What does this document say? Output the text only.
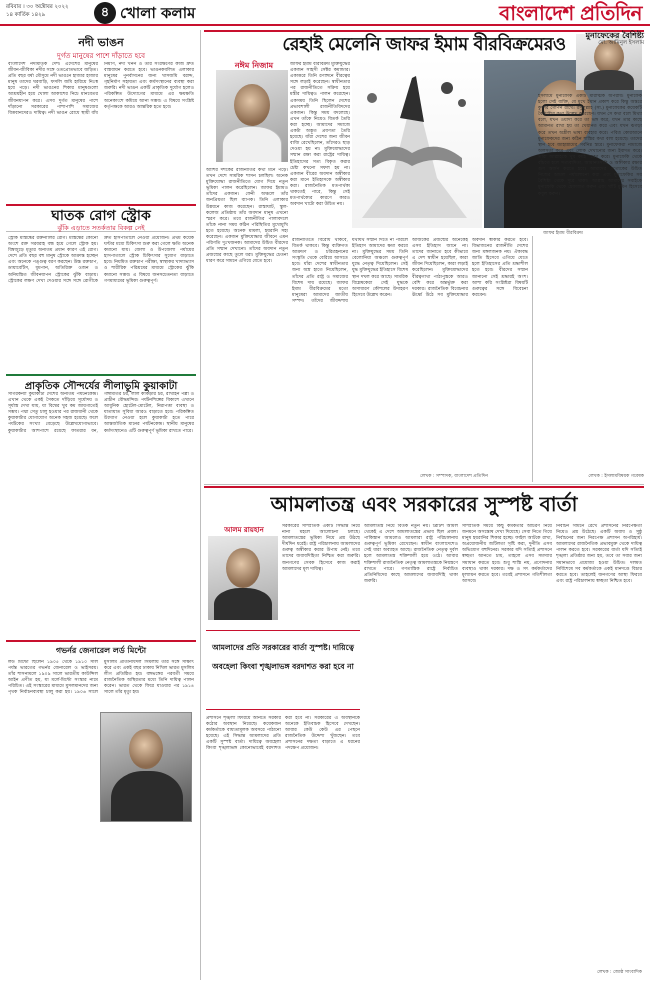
রবিবার । ৩০ অক্টোবর ২০২২
১৪ কার্তিক ১৪২৯	৪ খোলা কলাম	বাংলাদেশ প্রতিদিন
নদী ভাঙন
দুর্গত মানুষের পাশে দাঁড়াতে হবে
বাংলাদেশ নদীমাতৃক দেশ। এদেশের মানুষের জীবন-জীবিকা নদীর সঙ্গে ওতপ্রোতভাবে জড়িত। প্রতি বছর বর্ষা মৌসুমে নদী ভাঙনে হাজার হাজার মানুষ তাদের ঘরবাড়ি, ফসলি জমি হারিয়ে নিঃস্ব হয়ে পড়ে। নদী ভাঙনের শিকার মানুষগুলো আশ্রয়হীন হয়ে খোলা আকাশের নিচে মানবেতর জীবনযাপন করে। এসব দুর্গত মানুষের পাশে দাঁড়ানো সরকারের পাশাপাশি সমাজের বিত্তবানদেরও দায়িত্ব। নদী ভাঙন রোধে স্থায়ী বাঁধ নির্মাণ, নদী খনন ও তীর সংরক্ষণের কাজ দ্রুত বাস্তবায়ন করতে হবে। ভাঙনকবলিত এলাকার মানুষের পুনর্বাসনের জন্য খাসজমি বরাদ্দ, গৃহনির্মাণ সহায়তা এবং কর্মসংস্থানের ব্যবস্থা করা জরুরি। নদী ভাঙন একটি প্রাকৃতিক দুর্যোগ হলেও পরিকল্পিত উদ্যোগের মাধ্যমে এর ক্ষয়ক্ষতি অনেকাংশে কমিয়ে আনা সম্ভব। এ বিষয়ে সংশ্লিষ্ট কর্তৃপক্ষকে আরও আন্তরিক হতে হবে।
ঘাতক রোগ স্ট্রোক
ঝুঁকি এড়াতে সতর্কতার বিকল্প নেই
স্ট্রোক মস্তিষ্কের রক্তনালির রোগ। মস্তিষ্কের কোনো অংশে রক্ত সরবরাহ বন্ধ হয়ে গেলে স্ট্রোক হয়। বিশ্বজুড়ে মৃত্যুর অন্যতম প্রধান কারণ এই রোগ। দেশে প্রতি বছর বহু মানুষ স্ট্রোকে আক্রান্ত হচ্ছেন এবং অনেকে পঙ্গুত্ব বরণ করছেন। উচ্চ রক্তচাপ, ডায়াবেটিস, ধূমপান, অতিরিক্ত ওজন ও অনিয়ন্ত্রিত জীবনযাপন স্ট্রোকের ঝুঁকি বাড়ায়। স্ট্রোকের লক্ষণ দেখা দেওয়ার সঙ্গে সঙ্গে রোগীকে দ্রুত হাসপাতালে নেওয়া প্রয়োজন। প্রথম কয়েক ঘণ্টার মধ্যে চিকিৎসা শুরু করা গেলে ক্ষতি অনেক কমানো যায়। জেলা ও উপজেলা পর্যায়ের হাসপাতালে স্ট্রোক চিকিৎসার সুযোগ বাড়াতে হবে। নিয়মিত রক্তচাপ পরীক্ষা, স্বাস্থ্যকর খাদ্যাভ্যাস ও শারীরিক পরিশ্রমের মাধ্যমে স্ট্রোকের ঝুঁকি কমানো সম্ভব। এ বিষয়ে জনসচেতনতা বাড়াতে গণমাধ্যমের ভূমিকা গুরুত্বপূর্ণ।
প্রাকৃতিক সৌন্দর্যের লীলাভূমি কুয়াকাটা
সাগরকন্যা কুয়াকাটা দেশের অন্যতম পর্যটনকেন্দ্র। এখান থেকে একই সৈকতে দাঁড়িয়ে সূর্যোদয় ও সূর্যাস্ত দেখা যায়, যা বিশ্বের খুব কম জায়গাতেই সম্ভব। পদ্মা সেতু চালু হওয়ার পর রাজধানী থেকে কুয়াকাটার যোগাযোগ অনেক সহজ হয়েছে। ফলে পর্যটকের সংখ্যা বেড়েছে উল্লেখযোগ্যভাবে। কুয়াকাটার আশপাশে রয়েছে ফাতরার বন, গঙ্গামতির চর, লাল কাঁকড়ার চর, রাখাইন পল্লী ও প্রাচীন বৌদ্ধমন্দির। পর্যটনশিল্পের বিকাশে এখানে আধুনিক হোটেল-মোটেল, নিরাপত্তা ব্যবস্থা ও যাতায়াত সুবিধা আরও বাড়াতে হবে। পরিকল্পিত উদ্যোগ নেওয়া হলে কুয়াকাটা হতে পারে আন্তর্জাতিক মানের পর্যটনকেন্দ্র। স্থানীয় মানুষের কর্মসংস্থানেও এটি গুরুত্বপূর্ণ ভূমিকা রাখতে পারে।
গভর্নর জেনারেল লর্ড মিন্টো
লর্ড মিন্টো ছিলেন ১৯০৫ থেকে ১৯১০ সাল পর্যন্ত ভারতের গভর্নর জেনারেল ও ভাইসরয়। তাঁর শাসনামলে ১৯০৯ সালে ভারতীয় কাউন্সিল আইন প্রণীত হয়, যা মর্লে-মিন্টো সংস্কার নামে পরিচিত। এই সংস্কারের মাধ্যমে মুসলমানদের জন্য পৃথক নির্বাচনব্যবস্থা চালু করা হয়। ১৯০৬ সালে মুসলিম প্রতিনিধিদল সিমলায় তাঁর সঙ্গে সাক্ষাৎ করে এবং একই বছর ঢাকায় নিখিল ভারত মুসলিম লীগ প্রতিষ্ঠিত হয়। বঙ্গভঙ্গের পরবর্তী সময়ে রাজনৈতিক অস্থিরতার মধ্যে তিনি দায়িত্ব পালন করেন। ভারত থেকে ফিরে যাওয়ার পর ১৯১৪ সালে তাঁর মৃত্যু হয়।
রেহাই মেলেনি জাফর ইমাম বীরবিক্রমেরও
নঈম নিজাম	জাফর ইমাম বীরবিক্রম মুক্তিযুদ্ধের একজন সাহসী সেক্টর কমান্ডার। একাত্তরে তিনি রণাঙ্গনে বীরত্বের সঙ্গে লড়াই করেছেন। স্বাধীনতার পর রাজনীতিতে সক্রিয় হয়ে মন্ত্রীর দায়িত্বও পালন করেছেন। একসময় তিনি ছিলেন দেশের প্রভাবশালী রাজনীতিবিদদের একজন। কিন্তু সময় বদলেছে। এখন তাঁকে নিয়েও বিতর্ক তৈরি করা হচ্ছে। আমাদের সমাজে একটা অদ্ভুত প্রবণতা তৈরি হয়েছে। যাঁরা দেশের জন্য জীবন বাজি রেখেছিলেন, তাঁদেরও ছাড় দেওয়া হয় না। মুক্তিযোদ্ধাদের সম্মান রক্ষা করা রাষ্ট্রের দায়িত্ব। ইতিহাসের সত্য বিকৃত করার চেষ্টা কখনো সফল হয় না। একজন বীরের অবদান অস্বীকার করা মানে ইতিহাসকে অস্বীকার করা। রাজনৈতিক মতপার্থক্য থাকতেই পারে, কিন্তু সেই মতপার্থক্যের কারণে কারও অবদান খাটো করা উচিত নয়।
আশির দশকের রাজনীতির কথা মনে পড়ে। তখন দেশে সামরিক শাসন চলছিল। অনেক মুক্তিযোদ্ধা রাজনীতিতে যোগ দিয়ে নতুন ভূমিকা পালন করেছিলেন। জাফর ইমামও তাঁদের একজন। ফেনী অঞ্চলে তাঁর জনপ্রিয়তা ছিল ব্যাপক। তিনি এলাকার উন্নয়নে কাজ করেছেন। রাস্তাঘাট, স্কুল-কলেজ প্রতিষ্ঠায় তাঁর অবদান মানুষ এখনো স্মরণ করে। তবে রাজনীতির পালাবদলে তাঁকে নানা সময় কঠিন পরিস্থিতির মুখোমুখি হতে হয়েছে। অনেক মামলা, হয়রানি সহ্য করেছেন। একজন মুক্তিযোদ্ধার জীবনে এমন পরিণতি দুঃখজনক। আমাদের উচিত বীরদের প্রতি সম্মান দেখানো। তাঁদের অবদান নতুন প্রজন্মের কাছে তুলে ধরা। মুক্তিযুদ্ধের চেতনা ধারণ করে সামনে এগিয়ে যেতে হবে।
জাফর ইমাম বীরবিক্রম
রাজনীতিতে বিরোধ থাকবে, বিতর্ক থাকবে। কিন্তু ব্যক্তিগত আক্রমণ ও চরিত্রহননের সংস্কৃতি থেকে বেরিয়ে আসতে হবে। যাঁরা দেশের স্বাধীনতার জন্য অস্ত্র হাতে নিয়েছিলেন, তাঁদের প্রতি রাষ্ট্র ও সমাজের বিশেষ দায় রয়েছে। জাফর ইমাম বীরবিক্রমের মতো মানুষেরা আমাদের জাতীয় সম্পদ। তাঁদের জীবদ্দশায় যথাযথ সম্মান দিতে না পারলে ইতিহাস আমাদের ক্ষমা করবে না। মুক্তিযুদ্ধের সময় তিনি বেলোনিয়া অঞ্চলে গুরুত্বপূর্ণ যুদ্ধে নেতৃত্ব দিয়েছিলেন। সেই যুদ্ধ মুক্তিযুদ্ধের ইতিহাসে বিশেষ স্থান দখল করে আছে। সামরিক বিশ্লেষকেরা সেই যুদ্ধকে অসাধারণ কৌশলের উদাহরণ হিসেবে উল্লেখ করেন।
আজকের প্রজন্মের অনেকেই এসব ইতিহাস জানে না। তাদের জানাতে হবে কীভাবে এ দেশ স্বাধীন হয়েছিল, কারা জীবন দিয়েছিলেন, কারা লড়াই করেছিলেন। মুক্তিযোদ্ধাদের বীরত্বগাথা পাঠ্যপুস্তকে আরও বেশি করে অন্তর্ভুক্ত করা দরকার। রাজনৈতিক বিবেচনার ঊর্ধ্বে উঠে সব মুক্তিযোদ্ধার অবদান স্বীকার করতে হবে। বিভাজনের রাজনীতি দেশের জন্য মঙ্গলজনক নয়। ঐক্যবদ্ধ জাতি হিসেবে এগিয়ে যেতে হলে ইতিহাসের প্রতি শ্রদ্ধাশীল হতে হবে। বীরদের সম্মান জানানো সেই শ্রদ্ধারই অংশ। আশা করি সংশ্লিষ্টরা বিষয়টি গুরুত্বের সঙ্গে বিবেচনা করবেন।
লেখক : সম্পাদক, বাংলাদেশ প্রতিদিন
মুনাফেকের বৈশিষ্ট্য
মো. আমিনুল ইসলাম
ইসলামে মুনাফেকি একটি মারাত্মক অপরাধ। মুনাফেক হলো সেই ব্যক্তি, যে মুখে ইমান প্রকাশ করে কিন্তু অন্তরে কুফরি গোপন রাখে। রসুলুল্লাহ (সা.) মুনাফেকের কয়েকটি বৈশিষ্ট্যের কথা উল্লেখ করেছেন। যখন সে কথা বলে মিথ্যা বলে, যখন ওয়াদা করে তা ভঙ্গ করে, যখন তার কাছে আমানত রাখা হয় তা খেয়ানত করে এবং যখন ঝগড়া করে তখন অশ্লীল ভাষা ব্যবহার করে। পবিত্র কোরআনে মুনাফেকদের জন্য কঠিন শাস্তির কথা বলা হয়েছে। তাদের স্থান হবে জাহান্নামের সর্বনিম্ন স্তরে। মুনাফেকরা নামাজে অলসতা করে এবং লোক দেখানোর জন্য ইবাদত করে। তারা আল্লাহকে খুব কমই স্মরণ করে। মুনাফেকি থেকে বাঁচতে হলে সত্যবাদিতা, আমানতদারি ও অঙ্গীকার রক্ষার গুণ অর্জন করতে হবে। আমাদের প্রত্যেকের উচিত নিজের আমল পর্যালোচনা করা এবং মুনাফেকির সব বৈশিষ্ট্য থেকে দূরে থাকা। আল্লাহ আমাদের সবাইকে মুনাফেকি থেকে হেফাজত করুন এবং খাঁটি মুমিন হিসেবে কবুল করুন।
লেখক : ইসলামবিষয়ক গবেষক
আমলাতন্ত্র এবং সরকারের সুস্পষ্ট বার্তা
আলম রায়হান	সরকারের সাম্প্রতিক একটি সিদ্ধান্ত নিয়ে নানা মহলে আলোচনা চলছে। আমলাতন্ত্রের ভূমিকা নিয়ে প্রশ্ন উঠছে দীর্ঘদিন ধরেই। রাষ্ট্র পরিচালনায় আমলাদের গুরুত্ব অস্বীকার করার উপায় নেই। তবে তাদের জবাবদিহিতা নিশ্চিত করা জরুরি। জনগণের সেবক হিসেবে কাজ করাই আমলাদের মূল দায়িত্ব।
আমলাদের প্রতি সরকারের বার্তা সুস্পষ্ট। দায়িত্বে অবহেলা কিংবা শৃঙ্খলাভঙ্গ বরদাশত করা হবে না
প্রশাসনে শৃঙ্খলা ফিরিয়ে আনতে সরকার কঠোর অবস্থান নিয়েছে। কয়েকজন কর্মকর্তাকে বাধ্যতামূলক অবসরে পাঠানো হয়েছে। এই সিদ্ধান্ত আমলাদের প্রতি একটি সুস্পষ্ট বার্তা। দায়িত্বে অবহেলা কিংবা শৃঙ্খলাভঙ্গ কোনোভাবেই বরদাশত করা হবে না। সরকারের এ অবস্থানকে অনেকে ইতিবাচক হিসেবে দেখছেন। আবার কেউ কেউ এর পেছনে রাজনৈতিক উদ্দেশ্য খুঁজছেন। তবে প্রশাসনের দক্ষতা বাড়াতে এ ধরনের পদক্ষেপ প্রয়োজন।
আমলাতন্ত্র নিয়ে বিতর্ক নতুন নয়। ব্রিটিশ আমল থেকেই এ দেশে আমলাতন্ত্রের প্রভাব ছিল প্রবল। পাকিস্তান আমলেও আমলারা রাষ্ট্র পরিচালনায় গুরুত্বপূর্ণ ভূমিকা রেখেছেন। স্বাধীন বাংলাদেশেও সেই ধারা অব্যাহত আছে। রাজনৈতিক নেতৃত্ব দুর্বল হলে আমলাতন্ত্র শক্তিশালী হয়ে ওঠে। আবার শক্তিশালী রাজনৈতিক নেতৃত্ব আমলাতন্ত্রকে নিয়ন্ত্রণে রাখতে পারে। গণতান্ত্রিক রাষ্ট্রে নির্বাচিত প্রতিনিধিদের কাছে আমলাদের জবাবদিহি থাকা জরুরি।
সাম্প্রতিক সময়ে কিছু কর্মকর্তার আচরণ নিয়ে জনমনে অসন্তোষ দেখা দিয়েছে। সেবা নিতে গিয়ে মানুষ হয়রানির শিকার হচ্ছে। ফাইল আটকে রাখা, অপ্রয়োজনীয় জটিলতা সৃষ্টি করা, দুর্নীতি এসব অভিযোগ বহুদিনের। সরকার যদি সত্যিই প্রশাসনে স্বচ্ছতা আনতে চায়, তাহলে এসব সমস্যার সমাধান করতে হবে। শুধু শাস্তি নয়, প্রণোদনার ব্যবস্থাও থাকা দরকার। দক্ষ ও সৎ কর্মকর্তাদের মূল্যায়ন করতে হবে। তবেই প্রশাসনে গতিশীলতা আসবে।
নির্বাচন সামনে রেখে প্রশাসনের নিরপেক্ষতা নিয়েও প্রশ্ন উঠেছে। একটি অবাধ ও সুষ্ঠু নির্বাচনের জন্য নিরপেক্ষ প্রশাসন অপরিহার্য। আমলাদের রাজনৈতিক প্রভাবমুক্ত থেকে দায়িত্ব পালন করতে হবে। সরকারের বার্তা যদি সত্যিই শৃঙ্খলা প্রতিষ্ঠার জন্য হয়, তবে তা সবার জন্য সমানভাবে প্রযোজ্য হওয়া উচিত। দলমত নির্বিশেষে সব কর্মকর্তাকে একই মানদণ্ডে বিচার করতে হবে। তাহলেই জনগণের আস্থা ফিরবে এবং রাষ্ট্র পরিচালনায় স্বচ্ছতা নিশ্চিত হবে।
লেখক : জ্যেষ্ঠ সাংবাদিক
